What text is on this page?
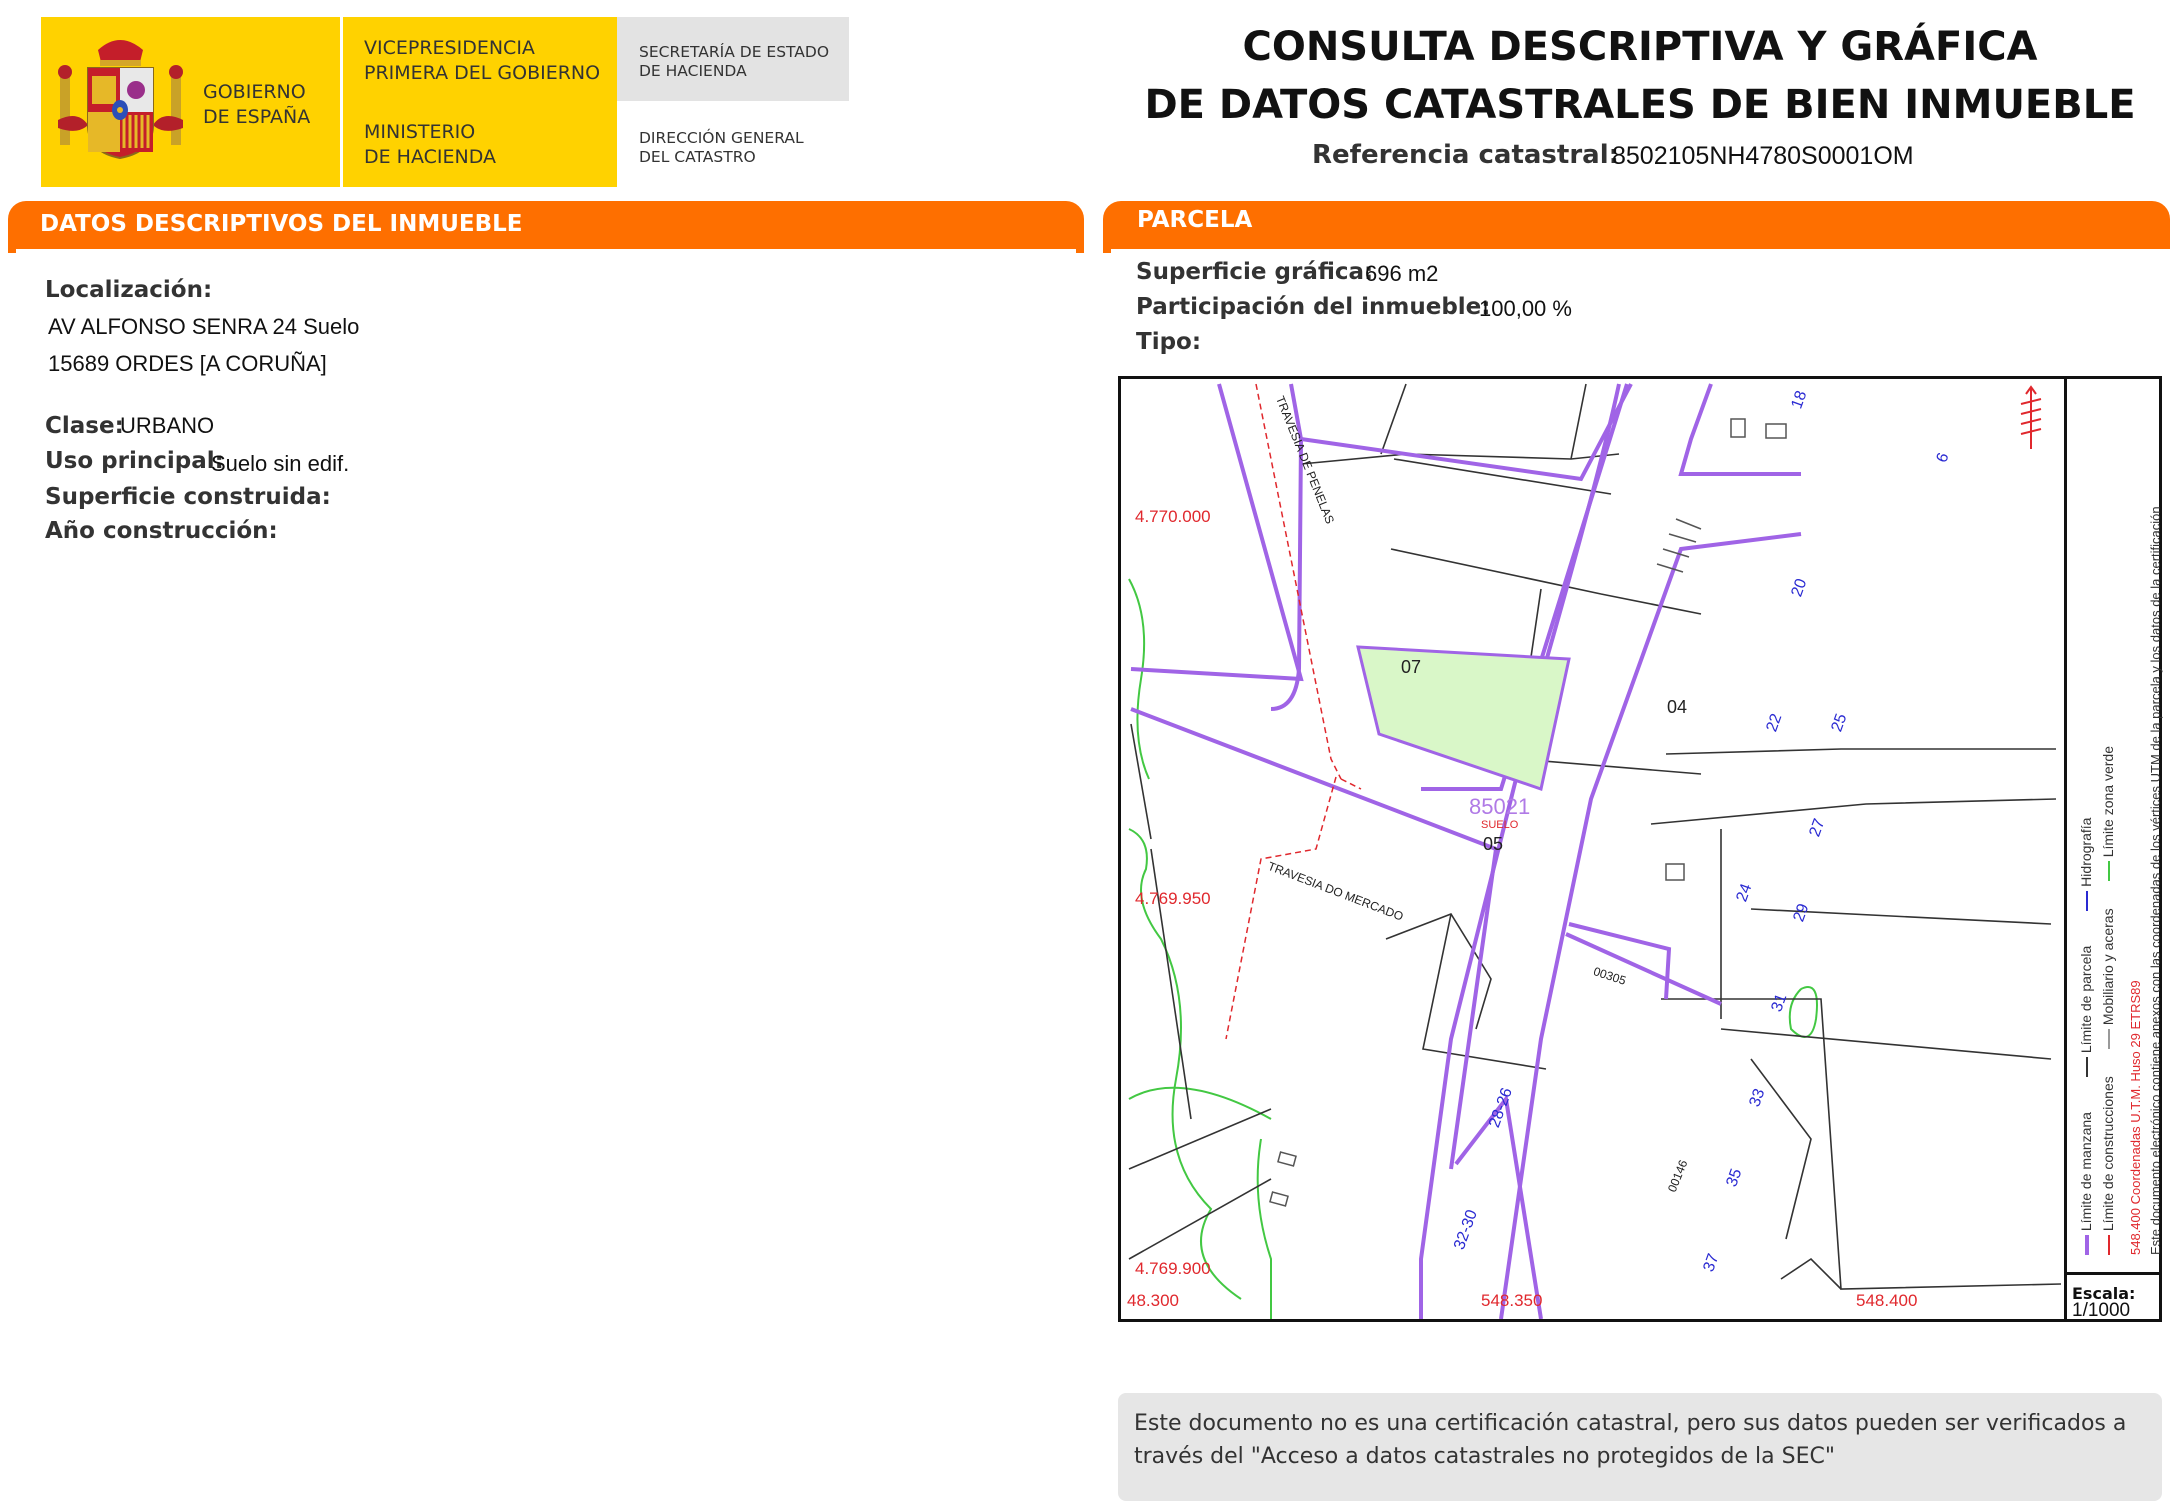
GOBIERNO
DE ESPAÑA
VICEPRESIDENCIA
PRIMERA DEL GOBIERNO
MINISTERIO
DE HACIENDA
SECRETARÍA DE ESTADO
DE HACIENDA
DIRECCIÓN GENERAL
DEL CATASTRO
CONSULTA DESCRIPTIVA Y GRÁFICA
DE DATOS CATASTRALES DE BIEN INMUEBLE
Referencia catastral:
8502105NH4780S0001OM
DATOS DESCRIPTIVOS DEL INMUEBLE
Localización:
AV ALFONSO SENRA 24 Suelo
15689 ORDES [A CORUÑA]
Clase:
URBANO
Uso principal:
Suelo sin edif.
Superficie construida:
Año construcción:
PARCELA
Superficie gráfica:
696 m2
Participación del inmueble:
100,00 %
Tipo:
4.770.000
4.769.950
4.769.900
48.300	548.350	548.400
TRAVESIA DE PENELAS
TRAVESIA DO MERCADO
00305
00146
85021
SUELO
05
07
04
6
18
20
22
24
25
27
29
31
33
35
37
28-26
32-30	Límite de manzana          Límite de parcela          Hidrografía
Límite de construcciones        Mobiliario y aceras        Límite zona verde
548.400 Coordenadas U.T.M. Huso 29 ETRS89 Este documento electrónico contiene anexos con las coordenadas de los vértices UTM de la parcela y los datos de la certificación
Escala:
1/1000
Este documento no es una certificación catastral, pero sus datos pueden ser verificados a través del "Acceso a datos catastrales no protegidos de la SEC"
